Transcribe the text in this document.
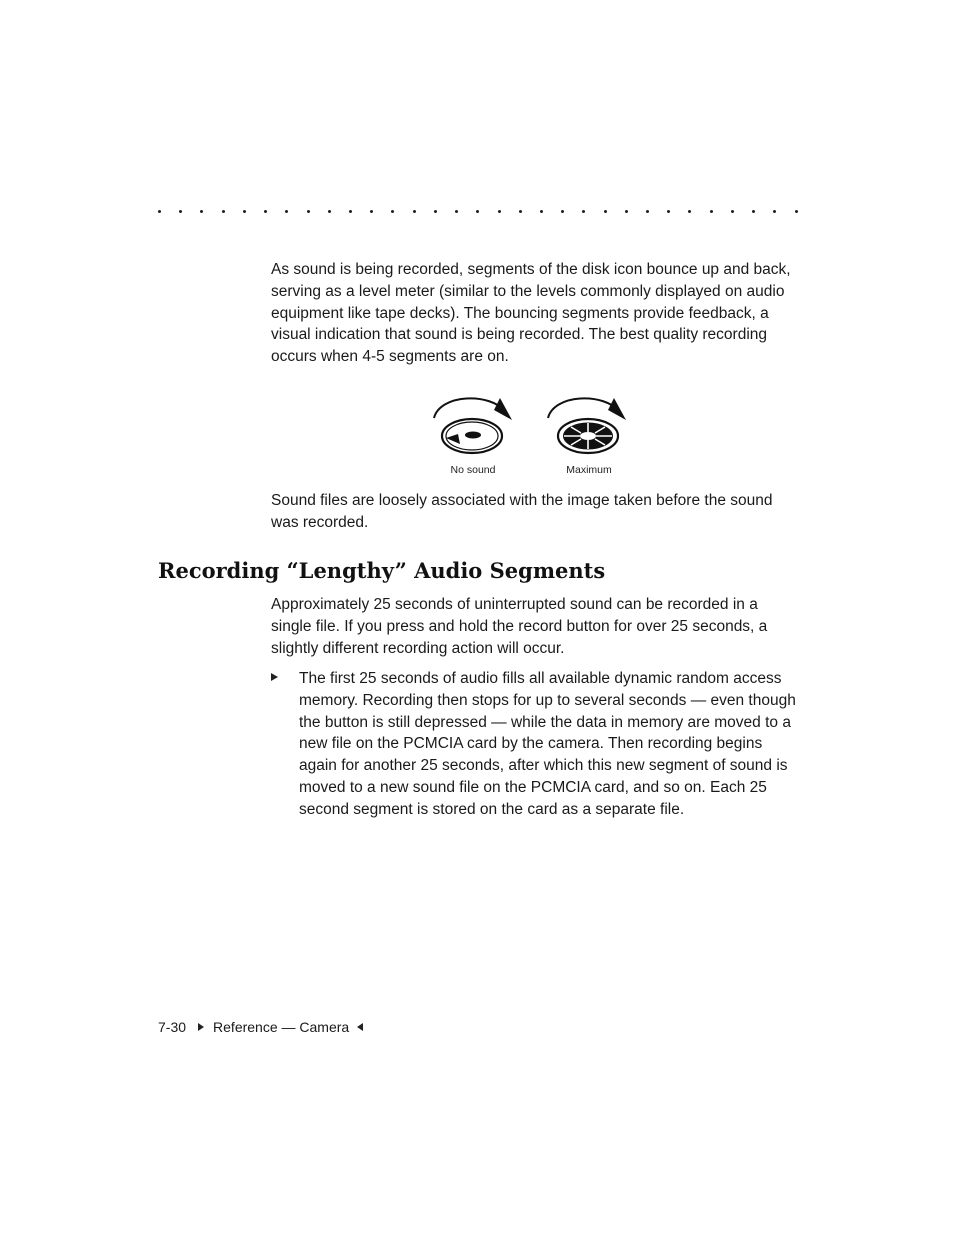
As sound is being recorded, segments of the disk icon bounce up and back, serving as a level meter (similar to the levels commonly displayed on audio equipment like tape decks). The bouncing segments provide feedback, a visual indication that sound is being recorded. The best quality recording occurs when 4-5 segments are on.

No sound	Maximum

Sound files are loosely associated with the image taken before the sound was recorded.

Recording “Lengthy” Audio Segments

Approximately 25 seconds of uninterrupted sound can be recorded in a single file. If you press and hold the record button for over 25 seconds, a slightly different recording action will occur.

The first 25 seconds of audio fills all available dynamic random access memory. Recording then stops for up to several seconds — even though the button is still depressed — while the data in memory are moved to a new file on the PCMCIA card by the camera. Then recording begins again for another 25 seconds, after which this new segment of sound is moved to a new sound file on the PCMCIA card, and so on. Each 25 second segment is stored on the card as a separate file.

7-30 Reference — Camera
